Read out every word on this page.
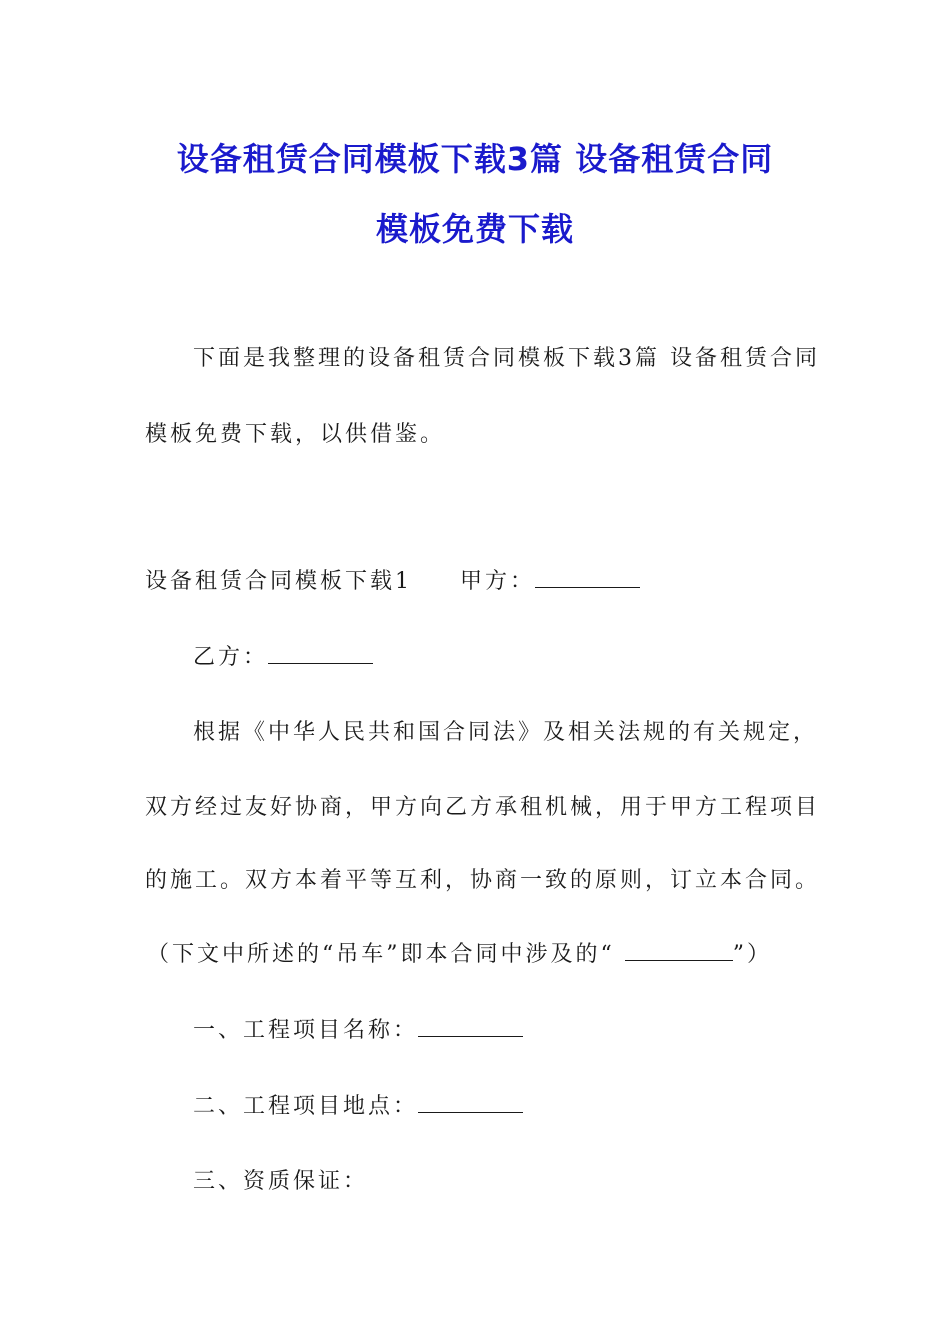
设备租赁合同模板下载3篇 设备租赁合同
模板免费下载

下面是我整理的设备租赁合同模板下载3篇 设备租赁合同

模板免费下载，以供借鉴。

设备租赁合同模板下载1 甲方：

乙方：

根据《中华人民共和国合同法》及相关法规的有关规定，

双方经过友好协商，甲方向乙方承租机械，用于甲方工程项目

的施工。双方本着平等互利，协商一致的原则，订立本合同。

（下文中所述的“吊车”即本合同中涉及的“	”）

一、工程项目名称：

二、工程项目地点：

三、资质保证：
